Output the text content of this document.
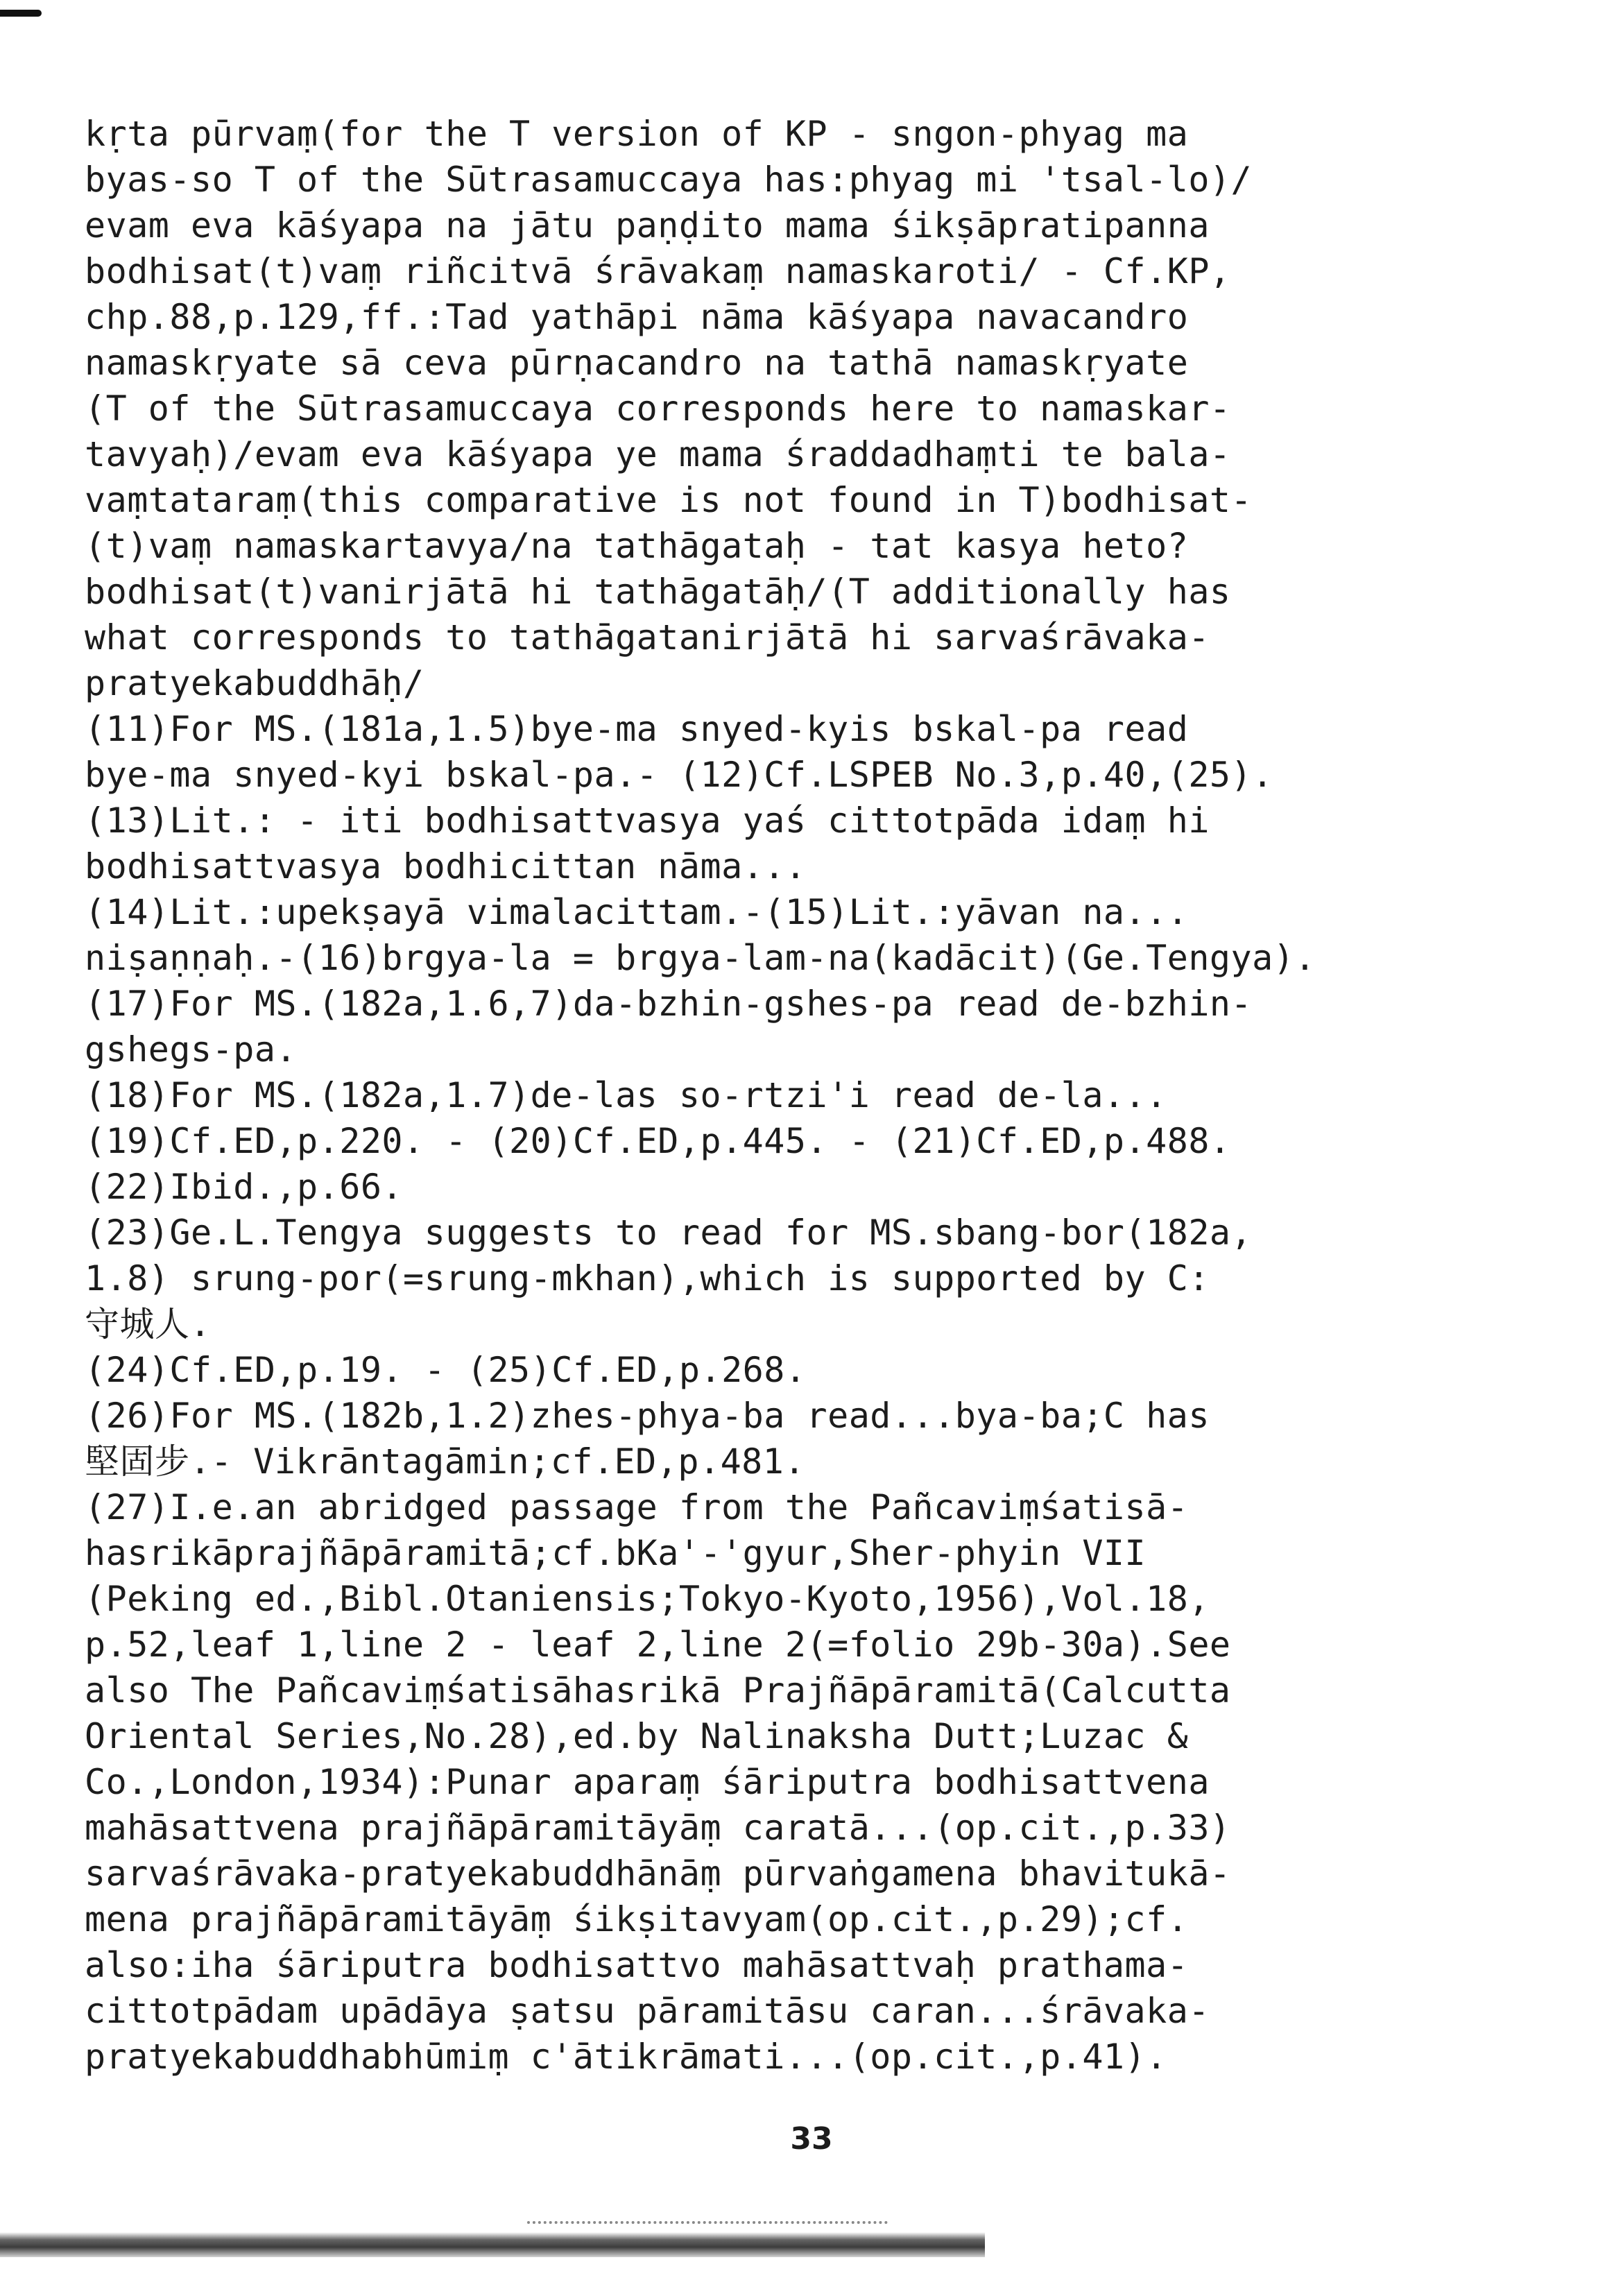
kṛta pūrvaṃ(for the T version of KP - sngon-phyag ma
byas-so T of the Sūtrasamuccaya has:phyag mi 'tsal-lo)/
evam eva kāśyapa na jātu paṇḍito mama śikṣāpratipanna
bodhisat(t)vaṃ riñcitvā śrāvakaṃ namaskaroti/ - Cf.KP,
chp.88,p.129,ff.:Tad yathāpi nāma kāśyapa navacandro
namaskṛyate sā ceva pūrṇacandro na tathā namaskṛyate
(T of the Sūtrasamuccaya corresponds here to namaskar-
tavyaḥ)/evam eva kāśyapa ye mama śraddadhaṃti te bala-
vaṃtataraṃ(this comparative is not found in T)bodhisat-
(t)vaṃ namaskartavya/na tathāgataḥ - tat kasya heto?
bodhisat(t)vanirjātā hi tathāgatāḥ/(T additionally has
what corresponds to tathāgatanirjātā hi sarvaśrāvaka-
pratyekabuddhāḥ/
(11)For MS.(181a,1.5)bye-ma snyed-kyis bskal-pa read
bye-ma snyed-kyi bskal-pa.- (12)Cf.LSPEB No.3,p.40,(25).
(13)Lit.: - iti bodhisattvasya yaś cittotpāda idaṃ hi
bodhisattvasya bodhicittan nāma...
(14)Lit.:upekṣayā vimalacittam.-(15)Lit.:yāvan na...
niṣaṇṇaḥ.-(16)brgya-la = brgya-lam-na(kadācit)(Ge.Tengya).
(17)For MS.(182a,1.6,7)da-bzhin-gshes-pa read de-bzhin-
gshegs-pa.
(18)For MS.(182a,1.7)de-las so-rtzi'i read de-la...
(19)Cf.ED,p.220. - (20)Cf.ED,p.445. - (21)Cf.ED,p.488.
(22)Ibid.,p.66.
(23)Ge.L.Tengya suggests to read for MS.sbang-bor(182a,
1.8) srung-por(=srung-mkhan),which is supported by C:
守城人.
(24)Cf.ED,p.19. - (25)Cf.ED,p.268.
(26)For MS.(182b,1.2)zhes-phya-ba read...bya-ba;C has
堅固步.- Vikrāntagāmin;cf.ED,p.481.
(27)I.e.an abridged passage from the Pañcaviṃśatisā-
hasrikāprajñāpāramitā;cf.bKa'-'gyur,Sher-phyin VII
(Peking ed.,Bibl.Otaniensis;Tokyo-Kyoto,1956),Vol.18,
p.52,leaf 1,line 2 - leaf 2,line 2(=folio 29b-30a).See
also The Pañcaviṃśatisāhasrikā Prajñāpāramitā(Calcutta
Oriental Series,No.28),ed.by Nalinaksha Dutt;Luzac &
Co.,London,1934):Punar aparaṃ śāriputra bodhisattvena
mahāsattvena prajñāpāramitāyāṃ caratā...(op.cit.,p.33)
sarvaśrāvaka-pratyekabuddhānāṃ pūrvaṅgamena bhavitukā-
mena prajñāpāramitāyāṃ śikṣitavyam(op.cit.,p.29);cf.
also:iha śāriputra bodhisattvo mahāsattvaḥ prathama-
cittotpādam upādāya ṣatsu pāramitāsu caran...śrāvaka-
pratyekabuddhabhūmiṃ c'ātikrāmati...(op.cit.,p.41).
33
